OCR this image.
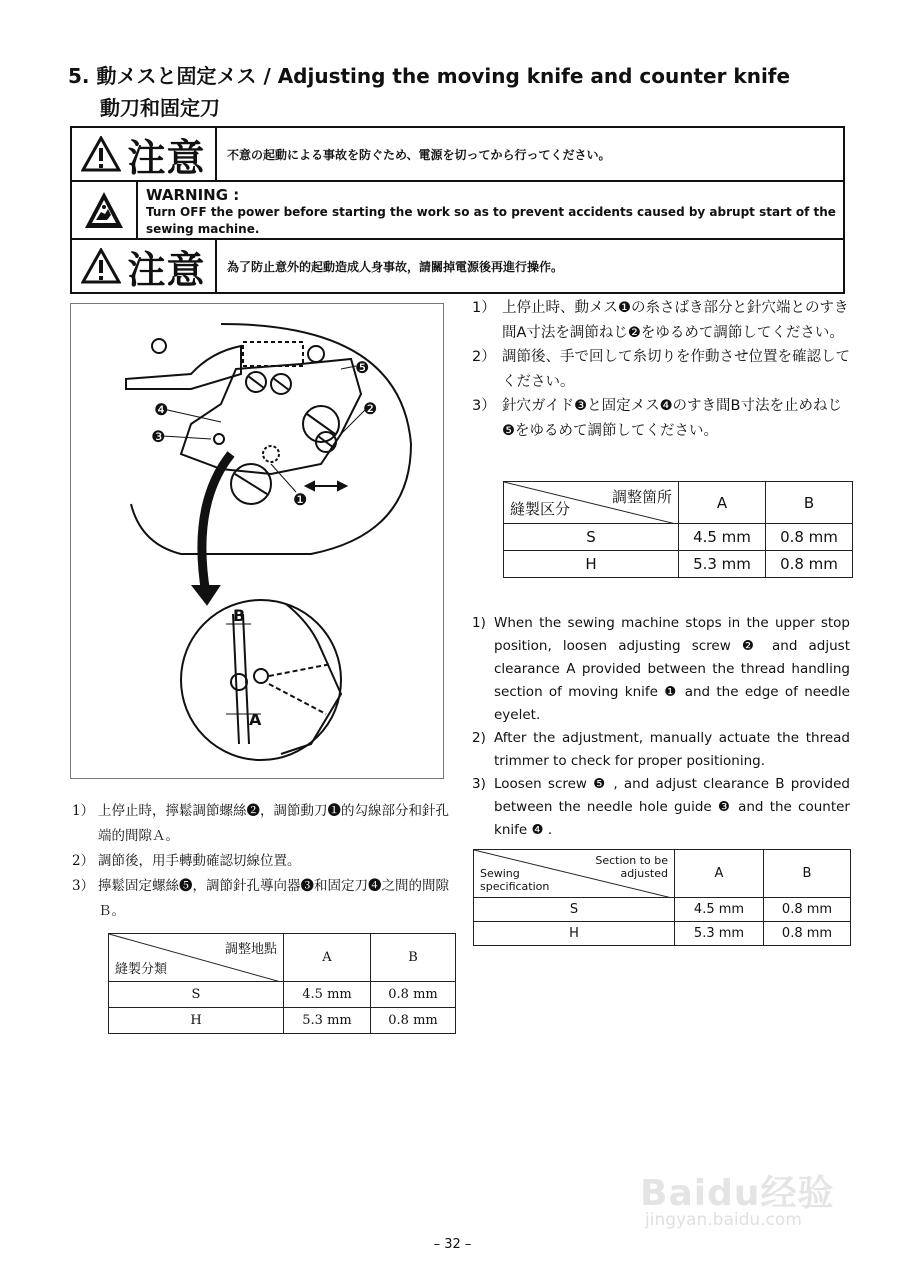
5. 動メスと固定メス / Adjusting the moving knife and counter knife
動刀和固定刀
注意 不意の起動による事故を防ぐため、電源を切ってから行ってください。
WARNING :
Turn OFF the power before starting the work so as to prevent accidents caused by abrupt start of the sewing machine.
注意 為了防止意外的起動造成人身事故，請關掉電源後再進行操作。
❹
❸
❺
❷
❶
B
A
1） 上停止時、動メス❶の糸さばき部分と針穴端とのすき間A寸法を調節ねじ❷をゆるめて調節してください。
2） 調節後、手で回して糸切りを作動させ位置を確認してください。
3） 針穴ガイド❸と固定メス❹のすき間B寸法を止めねじ❺をゆるめて調節してください。
調整箇所
縫製区分	A	B
S	4.5 mm	0.8 mm
H	5.3 mm	0.8 mm
1) When the sewing machine stops in the upper stop position, loosen adjusting screw ❷ and adjust clearance A provided between the thread handling section of moving knife ❶ and the edge of needle eyelet.
2) After the adjustment, manually actuate the thread trimmer to check for proper positioning.
3) Loosen screw ❺ , and adjust clearance B provided between the needle hole guide ❸ and the counter knife ❹ .
Section to be adjusted
Sewing specification	A	B
S	4.5 mm	0.8 mm
H	5.3 mm	0.8 mm
1） 上停止時，擰鬆調節螺絲❷，調節動刀❶的勾線部分和針孔端的間隙Ａ。
2） 調節後，用手轉動確認切線位置。
3） 擰鬆固定螺絲❺，調節針孔導向器❸和固定刀❹之間的間隙Ｂ。
調整地點
縫製分類	A	B
S	4.5 mm	0.8 mm
H	5.3 mm	0.8 mm
Baidu经验
jingyan.baidu.com
– 32 –
